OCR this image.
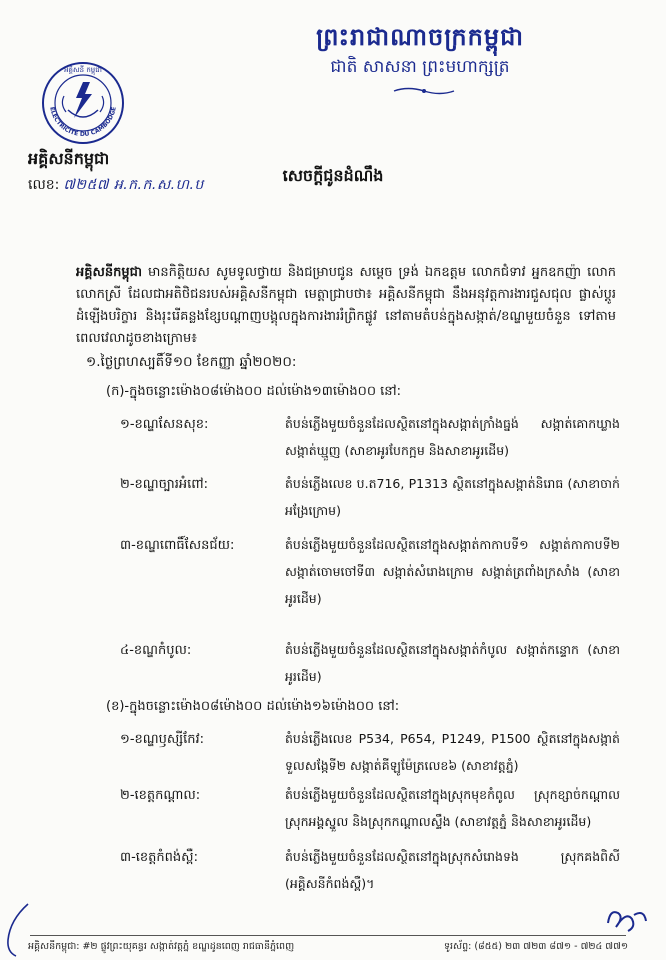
ព្រះរាជាណាចក្រកម្ពុជា
ជាតិ សាសនា ព្រះមហាក្សត្រ
ELECTRICITE DU CAMBODGE
អគ្គិសនី កម្ពុជា
អគ្គិសនីកម្ពុជា
លេខ: ៧២៥៧ អ.ក.ក.ស.ហ.ប	សេចក្តីជូនដំណឹង
អគ្គិសនីកម្ពុជា មានកិត្តិយស សូមទូលថ្វាយ និងជម្រាបជូន សម្តេច ទ្រង់ ឯកឧត្តម លោកជំទាវ អ្នកឧកញ៉ា លោក លោកស្រី ដែលជាអតិថិជនរបស់អគ្គិសនីកម្ពុជា មេត្តាជ្រាបថា៖ អគ្គិសនីកម្ពុជា នឹងអនុវត្តការងារជួសជុល ផ្លាស់ប្តូរដំឡើងបរិក្ខារ និងរុះរើគន្លងខ្សែបណ្តាញបង្គុលក្នុងការងាររំព្រិកផ្លូវ នៅតាមតំបន់ក្នុងសង្កាត់/ខណ្ឌមួយចំនួន ទៅតាមពេលវេលាដូចខាងក្រោម៖
១.ថ្ងៃព្រហស្បតិ៍ទី១០ ខែកញ្ញា ឆ្នាំ២០២០:
(ក)-ក្នុងចន្លោះម៉ោង០៨ម៉ោង០០ ដល់ម៉ោង១៣ម៉ោង០០ នៅ:
១-ខណ្ឌសែនសុខ:	តំបន់ភ្លើងមួយចំនួនដែលស្ថិតនៅក្នុងសង្កាត់ក្រាំងធ្នង់ សង្កាត់គោកឃ្លាង សង្កាត់ឃ្មួញ (សាខាអូរបែកក្អម និងសាខាអូរដើម)
២-ខណ្ឌច្បារអំពៅ:	តំបន់ភ្លើងលេខ ប.ត716, P1313 ស្ថិតនៅក្នុងសង្កាត់និរោធ (សាខាចាក់អង្រែក្រោម)
៣-ខណ្ឌពោធិ៍សែនជ័យ:	តំបន់ភ្លើងមួយចំនួនដែលស្ថិតនៅក្នុងសង្កាត់កាកាបទី១ សង្កាត់កាកាបទី២ សង្កាត់ចោមចៅទី៣ សង្កាត់សំរោងក្រោម សង្កាត់ត្រពាំងក្រសាំង (សាខាអូរដើម)
៤-ខណ្ឌកំបូល:	តំបន់ភ្លើងមួយចំនួនដែលស្ថិតនៅក្នុងសង្កាត់កំបូល សង្កាត់កន្ទោក (សាខាអូរដើម)
(ខ)-ក្នុងចន្លោះម៉ោង០៨ម៉ោង០០ ដល់ម៉ោង១៦ម៉ោង០០ នៅ:
១-ខណ្ឌឫស្សីកែវ:	តំបន់ភ្លើងលេខ P534, P654, P1249, P1500 ស្ថិតនៅក្នុងសង្កាត់ទួលសង្កែទី២ សង្កាត់គីឡូម៉ែត្រលេខ៦ (សាខាវត្តភ្នំ)
២-ខេត្តកណ្តាល:	តំបន់ភ្លើងមួយចំនួនដែលស្ថិតនៅក្នុងស្រុកមុខកំពូល ស្រុកខ្សាច់កណ្តាល ស្រុកអង្គស្នួល និងស្រុកកណ្តាលស្ទឹង (សាខាវត្តភ្នំ និងសាខាអូរដើម)
៣-ខេត្តកំពង់ស្ពឺ:	តំបន់ភ្លើងមួយចំនួនដែលស្ថិតនៅក្នុងស្រុកសំរោងទង ស្រុកគងពិសី (អគ្គិសនីកំពង់ស្ពឺ)។
អគ្គិសនីកម្ពុជា: #២ ផ្លូវព្រះយុគន្ធរ សង្កាត់វត្តភ្នំ ខណ្ឌដូនពេញ រាជធានីភ្នំពេញ	ទូរស័ព្ទ: (៨៥៥) ២៣ ៧២៣ ៨៧១ - ៧២៤ ៧៧១
